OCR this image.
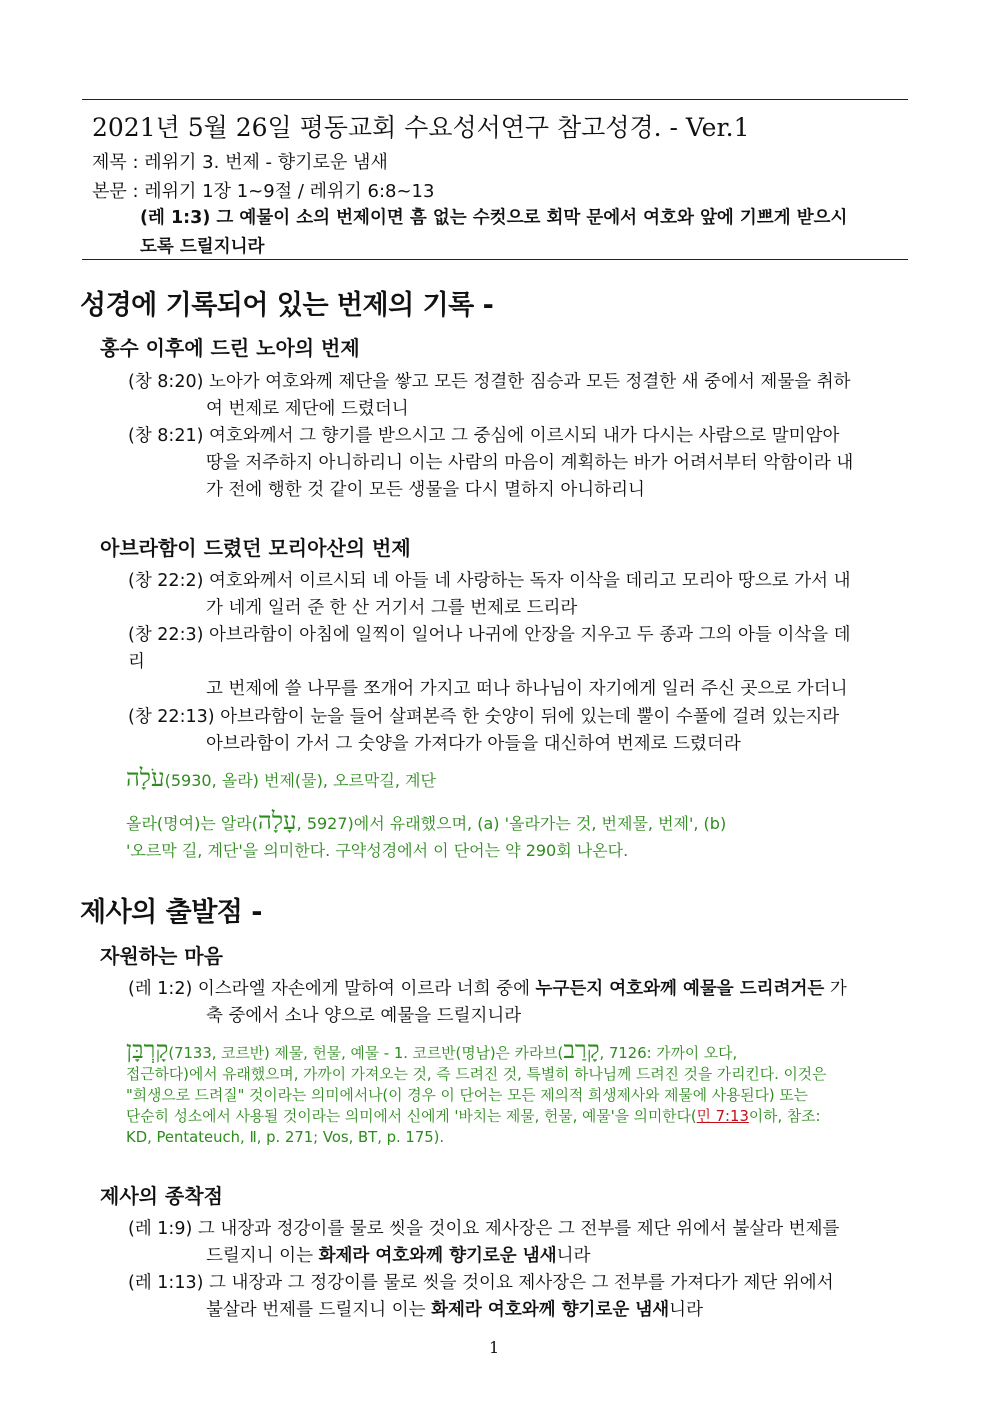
2021년 5월 26일 평동교회 수요성서연구 참고성경. - Ver.1
제목 : 레위기 3. 번제 - 향기로운 냄새
본문 : 레위기 1장 1~9절 / 레위기 6:8~13
(레 1:3) 그 예물이 소의 번제이면 흠 없는 수컷으로 회막 문에서 여호와 앞에 기쁘게 받으시도록 드릴지니라
성경에 기록되어 있는 번제의 기록 -
홍수 이후에 드린 노아의 번제
(창 8:20) 노아가 여호와께 제단을 쌓고 모든 정결한 짐승과 모든 정결한 새 중에서 제물을 취하
여 번제로 제단에 드렸더니
(창 8:21) 여호와께서 그 향기를 받으시고 그 중심에 이르시되 내가 다시는 사람으로 말미암아
땅을 저주하지 아니하리니 이는 사람의 마음이 계획하는 바가 어려서부터 악함이라 내
가 전에 행한 것 같이 모든 생물을 다시 멸하지 아니하리니
아브라함이 드렸던 모리아산의 번제
(창 22:2) 여호와께서 이르시되 네 아들 네 사랑하는 독자 이삭을 데리고 모리아 땅으로 가서 내
가 네게 일러 준 한 산 거기서 그를 번제로 드리라
(창 22:3) 아브라함이 아침에 일찍이 일어나 나귀에 안장을 지우고 두 종과 그의 아들 이삭을 데리
고 번제에 쓸 나무를 쪼개어 가지고 떠나 하나님이 자기에게 일러 주신 곳으로 가더니
(창 22:13) 아브라함이 눈을 들어 살펴본즉 한 숫양이 뒤에 있는데 뿔이 수풀에 걸려 있는지라
아브라함이 가서 그 숫양을 가져다가 아들을 대신하여 번제로 드렸더라
עֹלָה(5930, 올라) 번제(물), 오르막길, 계단
올라(명여)는 알라(עָלָה, 5927)에서 유래했으며, (a) '올라가는 것, 번제물, 번제', (b)
'오르막 길, 계단'을 의미한다. 구약성경에서 이 단어는 약 290회 나온다.
제사의 출발점 -
자원하는 마음
(레 1:2) 이스라엘 자손에게 말하여 이르라 너희 중에 누구든지 여호와께 예물을 드리려거든 가
축 중에서 소나 양으로 예물을 드릴지니라
קָרְבָּן(7133, 코르반) 제물, 헌물, 예물 - 1. 코르반(명남)은 카라브(קָרַב, 7126: 가까이 오다,
접근하다)에서 유래했으며, 가까이 가져오는 것, 즉 드려진 것, 특별히 하나님께 드려진 것을 가리킨다. 이것은
"희생으로 드려질" 것이라는 의미에서나(이 경우 이 단어는 모든 제의적 희생제사와 제물에 사용된다) 또는
단순히 성소에서 사용될 것이라는 의미에서 신에게 '바치는 제물, 헌물, 예물'을 의미한다(민 7:13이하, 참조:
KD, Pentateuch, Ⅱ, p. 271; Vos, BT, p. 175).
제사의 종착점
(레 1:9) 그 내장과 정강이를 물로 씻을 것이요 제사장은 그 전부를 제단 위에서 불살라 번제를
드릴지니 이는 화제라 여호와께 향기로운 냄새니라
(레 1:13) 그 내장과 그 정강이를 물로 씻을 것이요 제사장은 그 전부를 가져다가 제단 위에서
불살라 번제를 드릴지니 이는 화제라 여호와께 향기로운 냄새니라
1
